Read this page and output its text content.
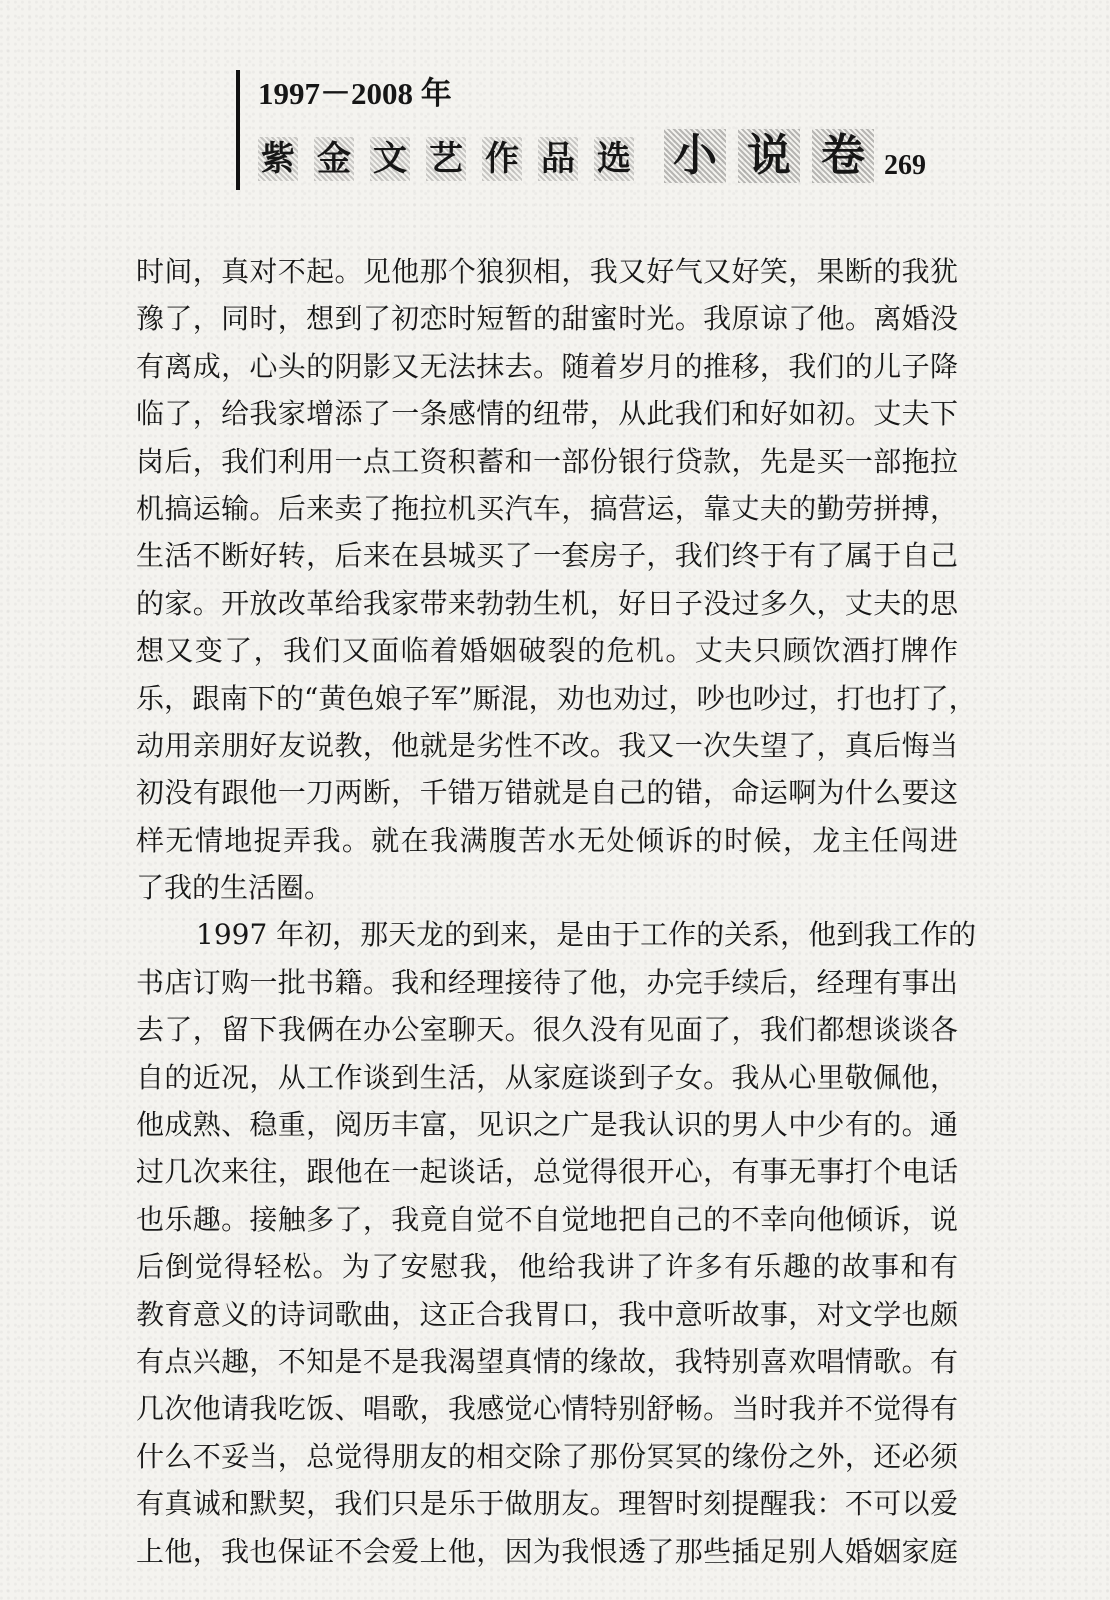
1997－2008 年
紫 金 文 艺 作 品 选 小 说 卷 269
时间，真对不起。见他那个狼狈相，我又好气又好笑，果断的我犹
豫了，同时，想到了初恋时短暂的甜蜜时光。我原谅了他。离婚没
有离成，心头的阴影又无法抹去。随着岁月的推移，我们的儿子降
临了，给我家增添了一条感情的纽带，从此我们和好如初。丈夫下
岗后，我们利用一点工资积蓄和一部份银行贷款，先是买一部拖拉
机搞运输。后来卖了拖拉机买汽车，搞营运，靠丈夫的勤劳拼搏，
生活不断好转，后来在县城买了一套房子，我们终于有了属于自己
的家。开放改革给我家带来勃勃生机，好日子没过多久，丈夫的思
想又变了，我们又面临着婚姻破裂的危机。丈夫只顾饮酒打牌作
乐，跟南下的“黄色娘子军”厮混，劝也劝过，吵也吵过，打也打了，
动用亲朋好友说教，他就是劣性不改。我又一次失望了，真后悔当
初没有跟他一刀两断，千错万错就是自己的错，命运啊为什么要这
样无情地捉弄我。就在我满腹苦水无处倾诉的时候，龙主任闯进
了我的生活圈。
1997 年初，那天龙的到来，是由于工作的关系，他到我工作的
书店订购一批书籍。我和经理接待了他，办完手续后，经理有事出
去了，留下我俩在办公室聊天。很久没有见面了，我们都想谈谈各
自的近况，从工作谈到生活，从家庭谈到子女。我从心里敬佩他，
他成熟、稳重，阅历丰富，见识之广是我认识的男人中少有的。通
过几次来往，跟他在一起谈话，总觉得很开心，有事无事打个电话
也乐趣。接触多了，我竟自觉不自觉地把自己的不幸向他倾诉，说
后倒觉得轻松。为了安慰我，他给我讲了许多有乐趣的故事和有
教育意义的诗词歌曲，这正合我胃口，我中意听故事，对文学也颇
有点兴趣，不知是不是我渴望真情的缘故，我特别喜欢唱情歌。有
几次他请我吃饭、唱歌，我感觉心情特别舒畅。当时我并不觉得有
什么不妥当，总觉得朋友的相交除了那份冥冥的缘份之外，还必须
有真诚和默契，我们只是乐于做朋友。理智时刻提醒我：不可以爱
上他，我也保证不会爱上他，因为我恨透了那些插足别人婚姻家庭
